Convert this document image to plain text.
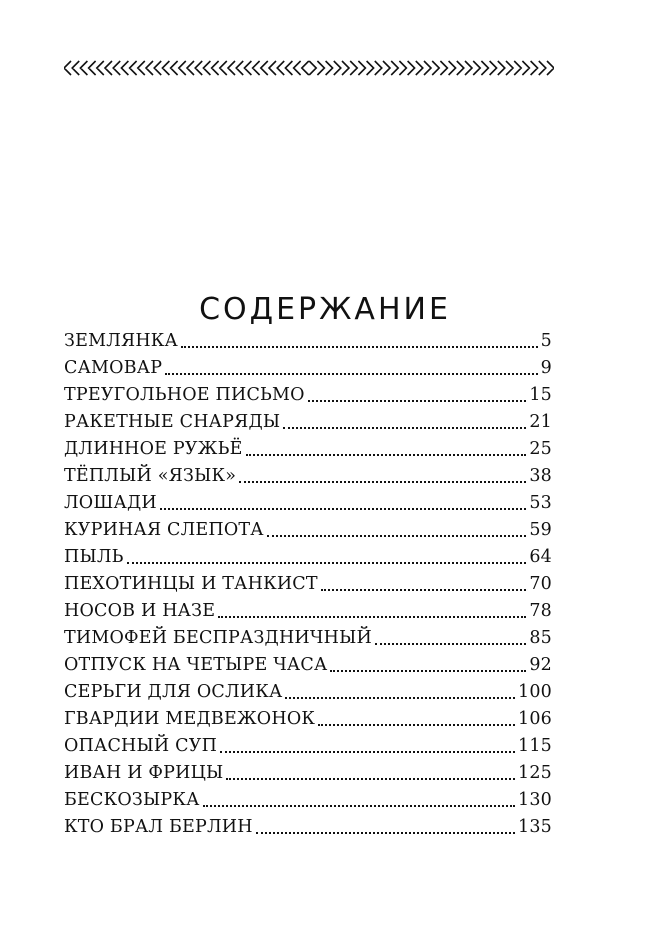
СОДЕРЖАНИЕ
ЗЕМЛЯНКА	5
САМОВАР	9
ТРЕУГОЛЬНОЕ ПИСЬМО	15
РАКЕТНЫЕ СНАРЯДЫ	21
ДЛИННОЕ РУЖЬЁ	25
ТЁПЛЫЙ «ЯЗЫК»	38
ЛОШАДИ	53
КУРИНАЯ СЛЕПОТА	59
ПЫЛЬ	64
ПЕХОТИНЦЫ И ТАНКИСТ	70
НОСОВ И НАЗЕ	78
ТИМОФЕЙ БЕСПРАЗДНИЧНЫЙ	85
ОТПУСК НА ЧЕТЫРЕ ЧАСА	92
СЕРЬГИ ДЛЯ ОСЛИКА	100
ГВАРДИИ МЕДВЕЖОНОК	106
ОПАСНЫЙ СУП	115
ИВАН И ФРИЦЫ	125
БЕСКОЗЫРКА	130
КТО БРАЛ БЕРЛИН	135
